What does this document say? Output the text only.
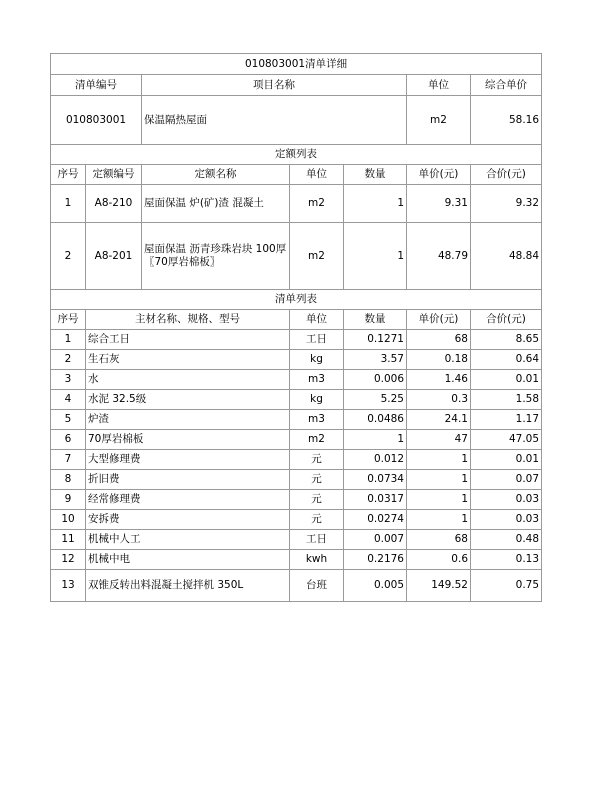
010803001清单详细						
清单编号		项目名称			单位	综合单价
010803001		保温隔热屋面			m2	58.16
定额列表						
序号	定额编号	定额名称	单位	数量	单价(元)	合价(元)
1	A8-210	屋面保温 炉(矿)渣 混凝土	m2	1	9.31	9.32
2	A8-201	屋面保温 沥青珍珠岩块 100厚〖70厚岩棉板〗	m2	1	48.79	48.84
清单列表						
序号	主材名称、规格、型号		单位	数量	单价(元)	合价(元)
1	综合工日		工日	0.1271	68	8.65
2	生石灰		kg	3.57	0.18	0.64
3	水		m3	0.006	1.46	0.01
4	水泥 32.5级		kg	5.25	0.3	1.58
5	炉渣		m3	0.0486	24.1	1.17
6	70厚岩棉板		m2	1	47	47.05
7	大型修理费		元	0.012	1	0.01
8	折旧费		元	0.0734	1	0.07
9	经常修理费		元	0.0317	1	0.03
10	安拆费		元	0.0274	1	0.03
11	机械中人工		工日	0.007	68	0.48
12	机械中电		kwh	0.2176	0.6	0.13
13	双锥反转出料混凝土搅拌机 350L		台班	0.005	149.52	0.75
